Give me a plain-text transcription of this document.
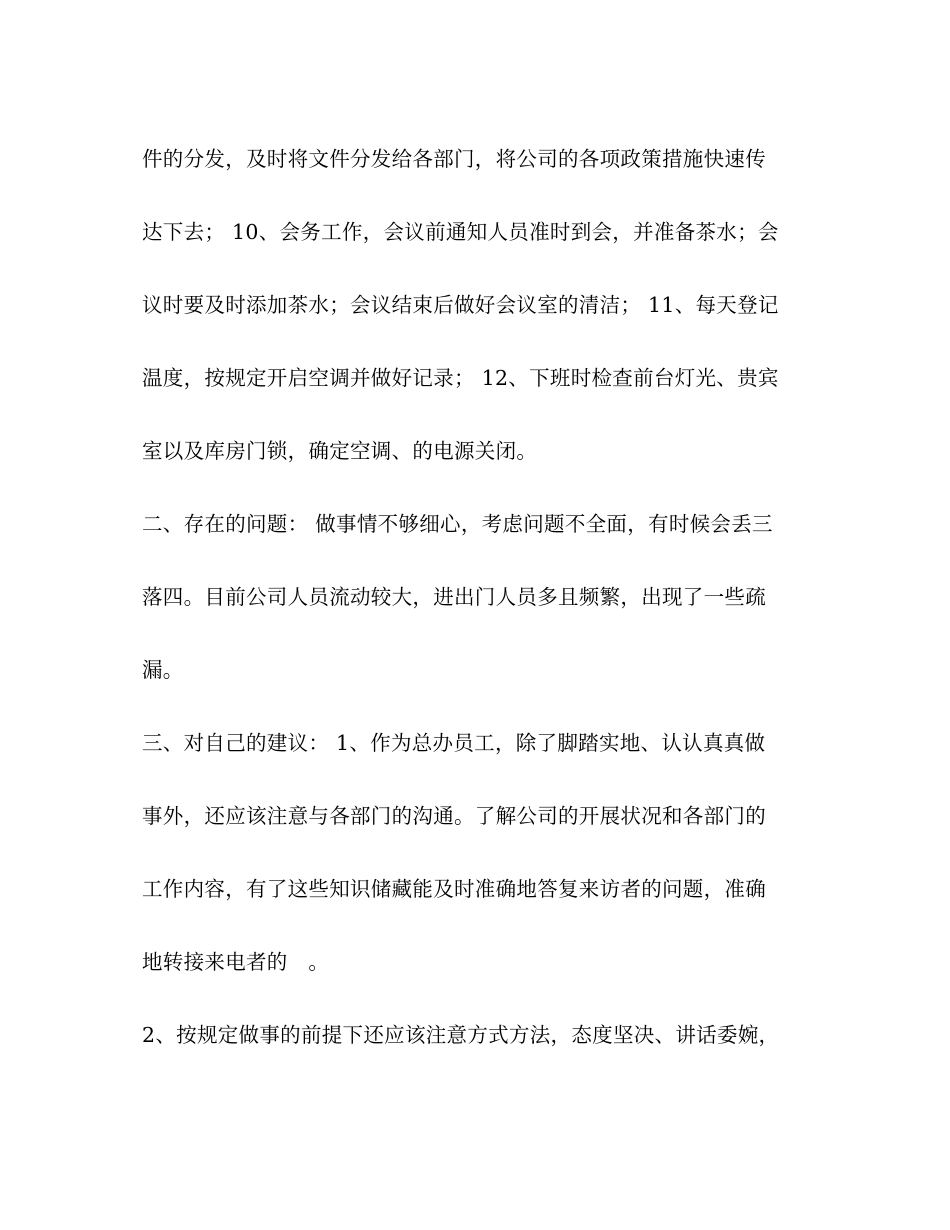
件的分发，及时将文件分发给各部门，将公司的各项政策措施快速传
达下去； 10、会务工作，会议前通知人员准时到会，并准备茶水；会
议时要及时添加茶水；会议结束后做好会议室的清洁； 11、每天登记
温度，按规定开启空调并做好记录； 12、下班时检查前台灯光、贵宾
室以及库房门锁，确定空调、的电源关闭。
二、存在的问题： 做事情不够细心，考虑问题不全面，有时候会丢三
落四。目前公司人员流动较大，进出门人员多且频繁，出现了一些疏
漏。
三、对自己的建议： 1、作为总办员工，除了脚踏实地、认认真真做
事外，还应该注意与各部门的沟通。了解公司的开展状况和各部门的
工作内容，有了这些知识储藏能及时准确地答复来访者的问题，准确
地转接来电者的　。
2、按规定做事的前提下还应该注意方式方法，态度坚决、讲话委婉，
